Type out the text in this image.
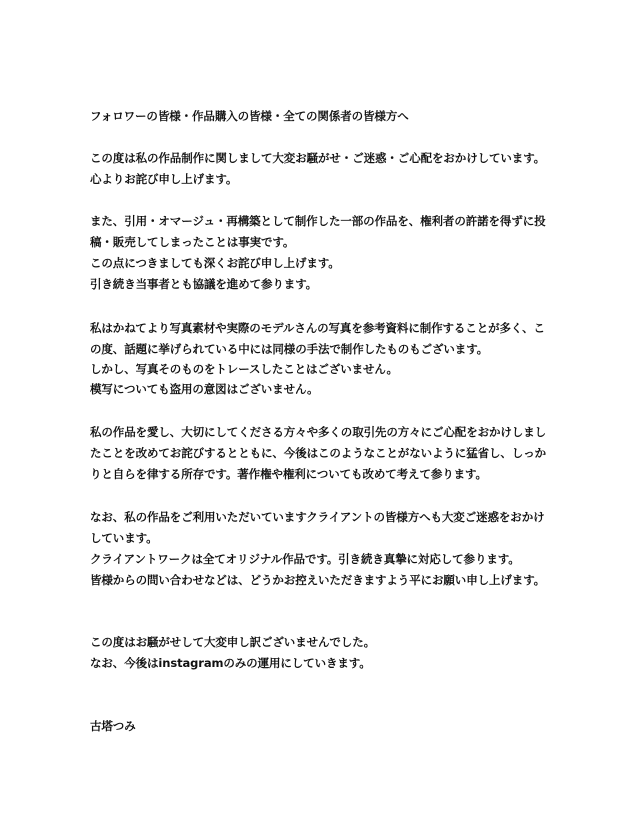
フォロワーの皆様・作品購入の皆様・全ての関係者の皆様方へ
この度は私の作品制作に関しまして大変お騒がせ・ご迷惑・ご心配をおかけしています。
心よりお詫び申し上げます。
また、引用・オマージュ・再構築として制作した一部の作品を、権利者の許諾を得ずに投
稿・販売してしまったことは事実です。
この点につきましても深くお詫び申し上げます。
引き続き当事者とも協議を進めて参ります。
私はかねてより写真素材や実際のモデルさんの写真を参考資料に制作することが多く、こ
の度、話題に挙げられている中には同様の手法で制作したものもございます。
しかし、写真そのものをトレースしたことはございません。
模写についても盗用の意図はございません。
私の作品を愛し、大切にしてくださる方々や多くの取引先の方々にご心配をおかけしまし
たことを改めてお詫びするとともに、今後はこのようなことがないように猛省し、しっか
りと自らを律する所存です。著作権や権利についても改めて考えて参ります。
なお、私の作品をご利用いただいていますクライアントの皆様方へも大変ご迷惑をおかけ
しています。
クライアントワークは全てオリジナル作品です。引き続き真摯に対応して参ります。
皆様からの問い合わせなどは、どうかお控えいただきますよう平にお願い申し上げます。
この度はお騒がせして大変申し訳ございませんでした。
なお、今後はinstagramのみの運用にしていきます。
古塔つみ
